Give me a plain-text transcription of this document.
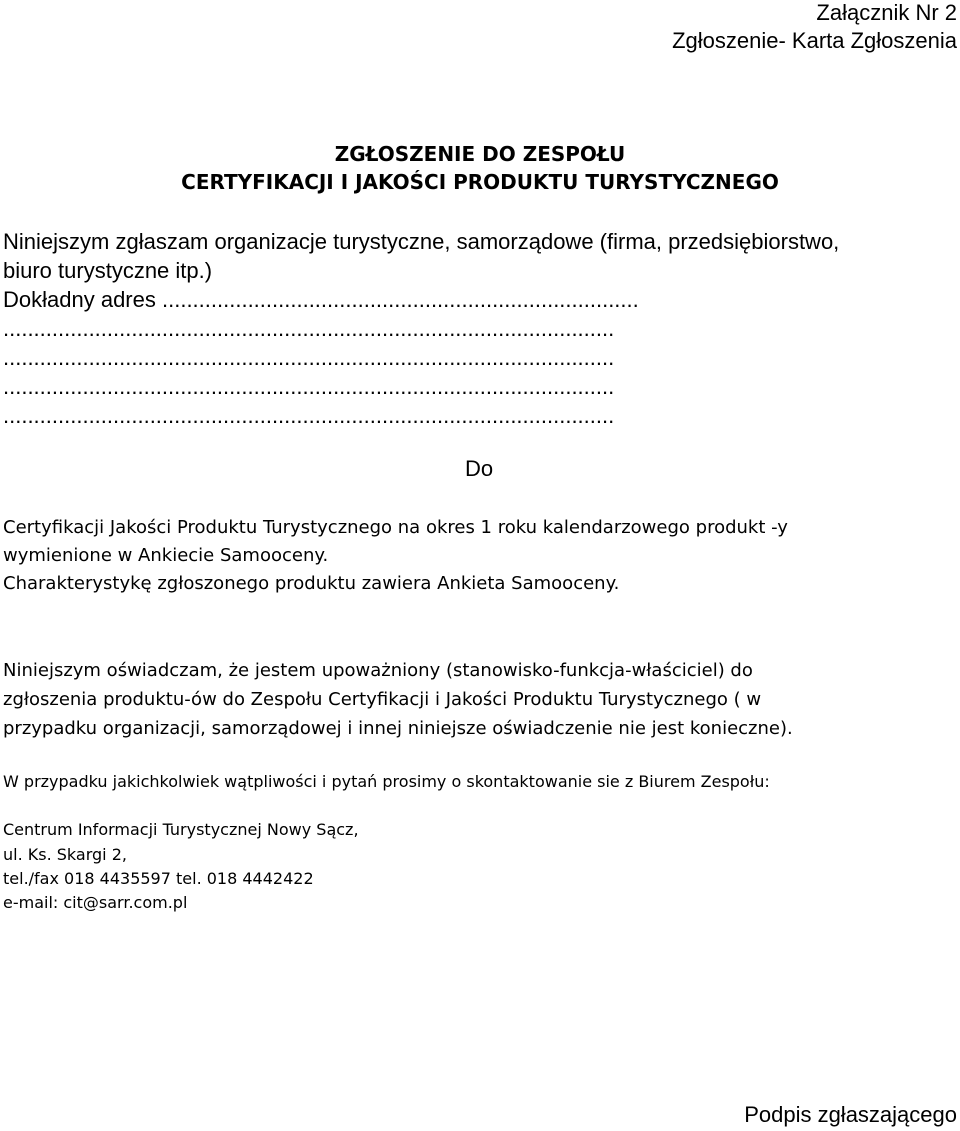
Załącznik Nr 2

Zgłoszenie- Karta Zgłoszenia

ZGŁOSZENIE DO ZESPOŁU

CERTYFIKACJI I JAKOŚCI PRODUKTU TURYSTYCZNEGO

Niniejszym zgłaszam organizacje turystyczne, samorządowe (firma, przedsiębiorstwo,

biuro turystyczne itp.)

Dokładny adres ..............................................................................

....................................................................................................

....................................................................................................

....................................................................................................

....................................................................................................

Do

Certyfikacji Jakości Produktu Turystycznego na okres 1 roku kalendarzowego produkt -y

wymienione w Ankiecie Samooceny.

Charakterystykę zgłoszonego produktu zawiera Ankieta Samooceny.

Niniejszym oświadczam, że jestem upoważniony (stanowisko-funkcja-właściciel) do

zgłoszenia produktu-ów do Zespołu Certyfikacji i Jakości Produktu Turystycznego ( w

przypadku organizacji, samorządowej i innej niniejsze oświadczenie nie jest konieczne).

W przypadku jakichkolwiek wątpliwości i pytań prosimy o skontaktowanie sie z Biurem Zespołu:

Centrum Informacji Turystycznej Nowy Sącz,

ul. Ks. Skargi 2,

tel./fax 018 4435597 tel. 018 4442422

e-mail: cit@sarr.com.pl

Podpis zgłaszającego
